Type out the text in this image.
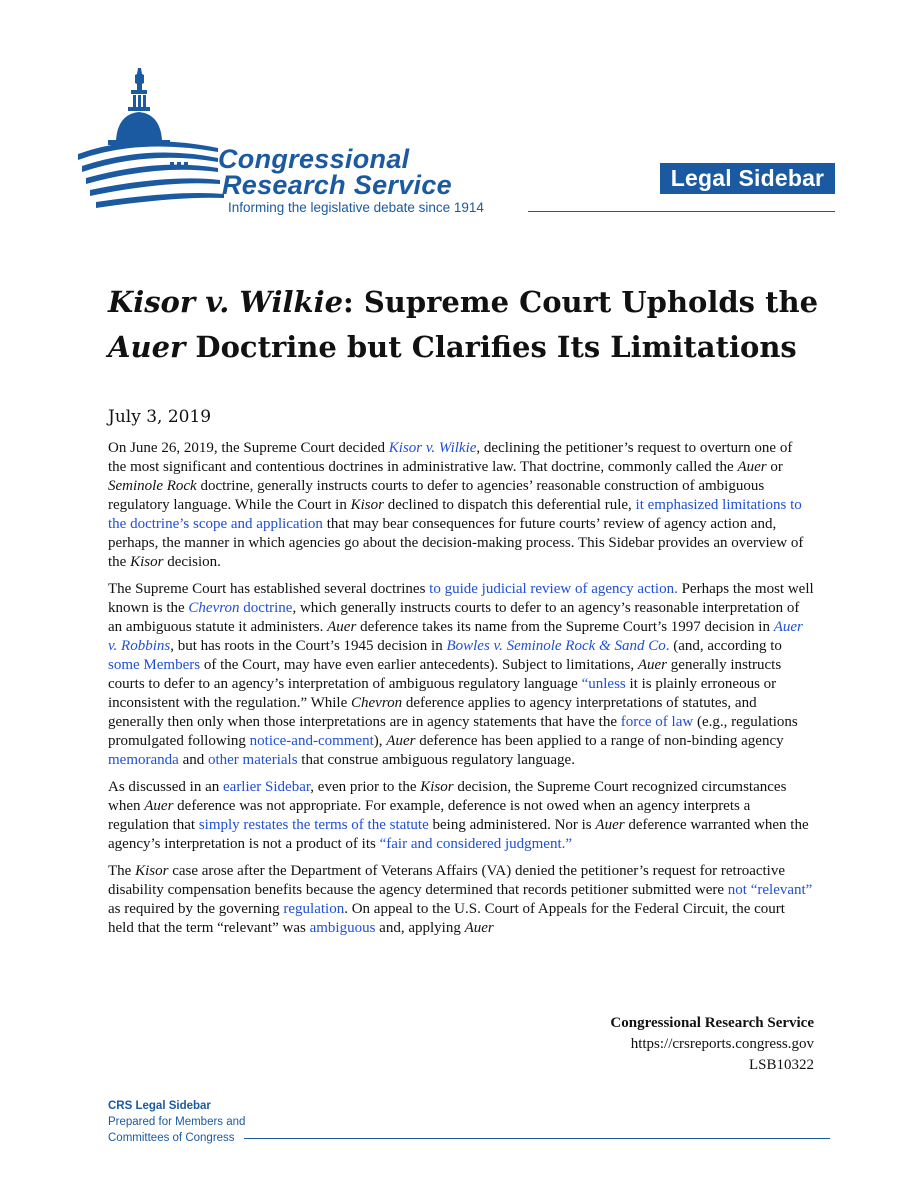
Congressional
Research Service
Informing the legislative debate since 1914
Legal Sidebar
Kisor v. Wilkie: Supreme Court Upholds the Auer Doctrine but Clarifies Its Limitations
July 3, 2019

On June 26, 2019, the Supreme Court decided Kisor v. Wilkie, declining the petitioner’s request to overturn one of the most significant and contentious doctrines in administrative law. That doctrine, commonly called the Auer or Seminole Rock doctrine, generally instructs courts to defer to agencies’ reasonable construction of ambiguous regulatory language. While the Court in Kisor declined to dispatch this deferential rule, it emphasized limitations to the doctrine’s scope and application that may bear consequences for future courts’ review of agency action and, perhaps, the manner in which agencies go about the decision-making process. This Sidebar provides an overview of the Kisor decision.

The Supreme Court has established several doctrines to guide judicial review of agency action. Perhaps the most well known is the Chevron doctrine, which generally instructs courts to defer to an agency’s reasonable interpretation of an ambiguous statute it administers. Auer deference takes its name from the Supreme Court’s 1997 decision in Auer v. Robbins, but has roots in the Court’s 1945 decision in Bowles v. Seminole Rock & Sand Co. (and, according to some Members of the Court, may have even earlier antecedents). Subject to limitations, Auer generally instructs courts to defer to an agency’s interpretation of ambiguous regulatory language “unless it is plainly erroneous or inconsistent with the regulation.” While Chevron deference applies to agency interpretations of statutes, and generally then only when those interpretations are in agency statements that have the force of law (e.g., regulations promulgated following notice-and-comment), Auer deference has been applied to a range of non-binding agency memoranda and other materials that construe ambiguous regulatory language.

As discussed in an earlier Sidebar, even prior to the Kisor decision, the Supreme Court recognized circumstances when Auer deference was not appropriate. For example, deference is not owed when an agency interprets a regulation that simply restates the terms of the statute being administered. Nor is Auer deference warranted when the agency’s interpretation is not a product of its “fair and considered judgment.”

The Kisor case arose after the Department of Veterans Affairs (VA) denied the petitioner’s request for retroactive disability compensation benefits because the agency determined that records petitioner submitted were not “relevant” as required by the governing regulation. On appeal to the U.S. Court of Appeals for the Federal Circuit, the court held that the term “relevant” was ambiguous and, applying Auer

Congressional Research Service
https://crsreports.congress.gov
LSB10322
CRS Legal Sidebar
Prepared for Members and
Committees of Congress
